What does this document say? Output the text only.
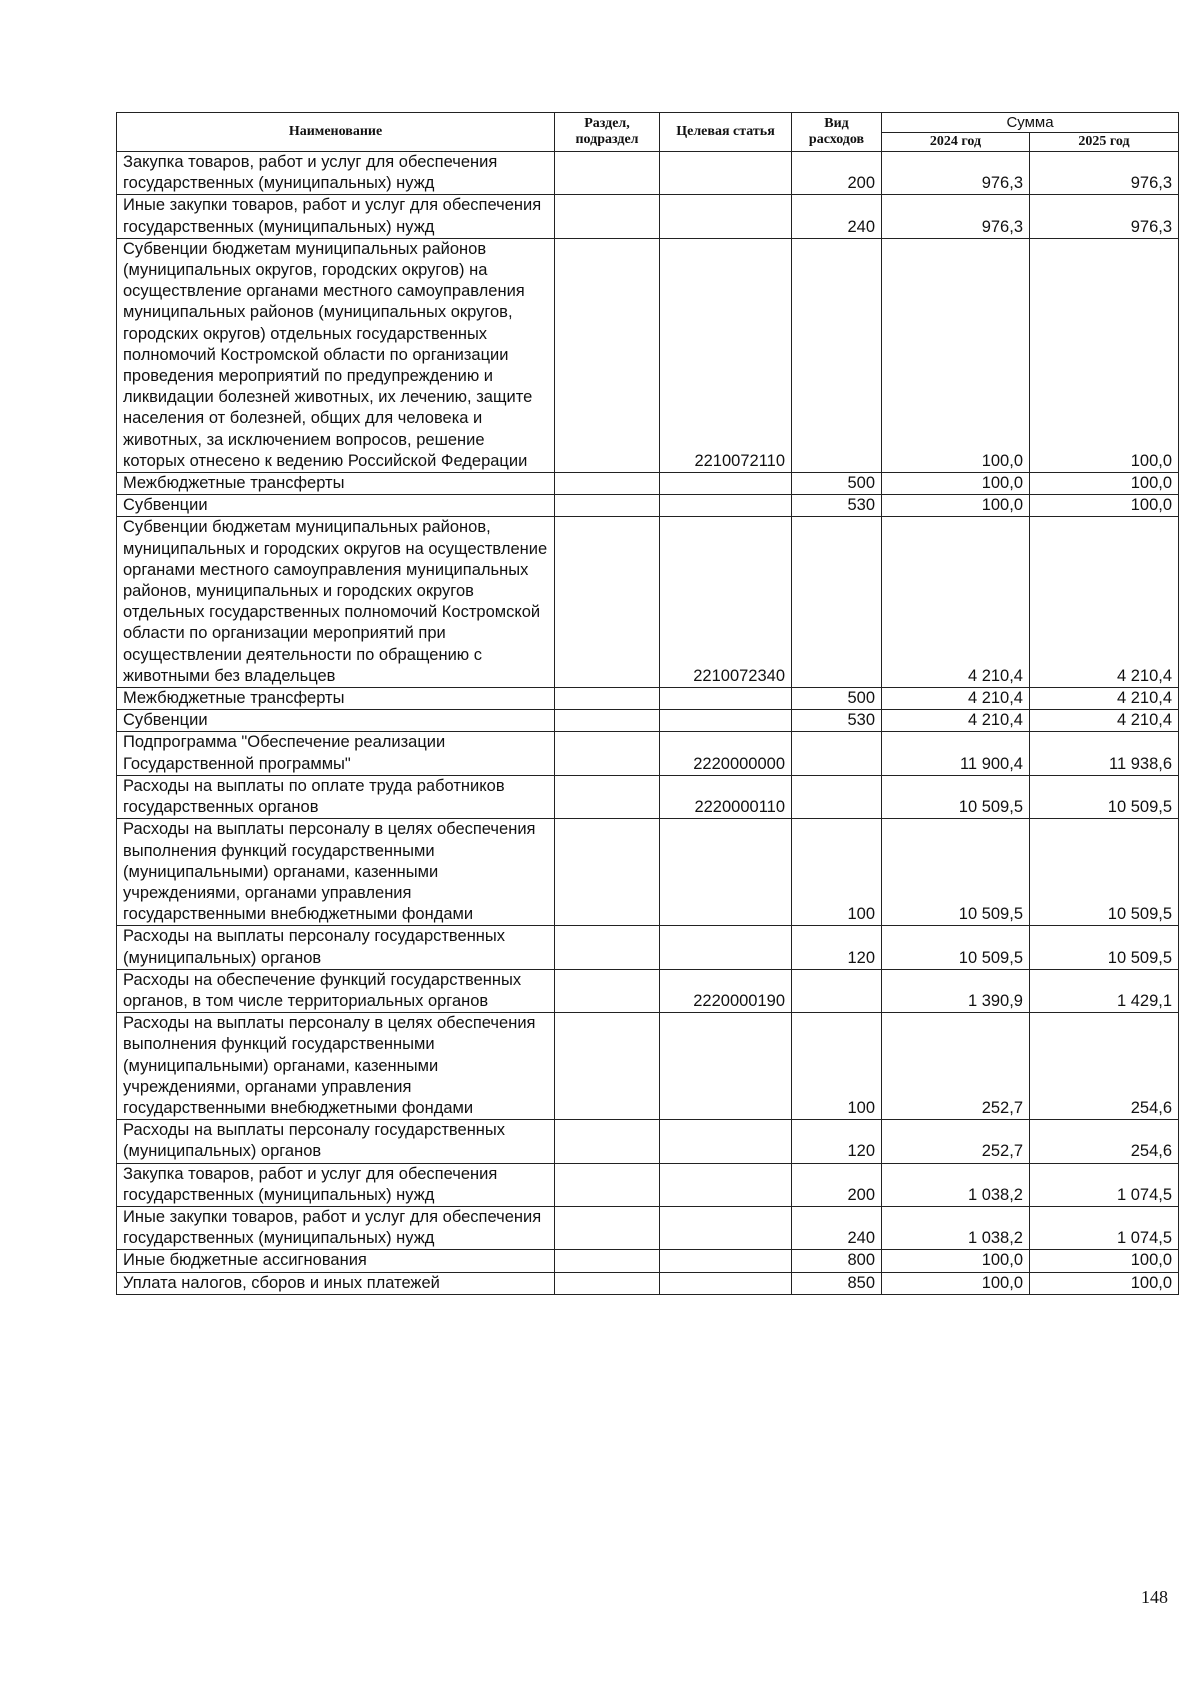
Наименование	Раздел, подраздел	Целевая статья	Вид расходов	Сумма	
				2024 год	2025 год
Закупка товаров, работ и услуг для обеспечения государственных (муниципальных) нужд			200	976,3	976,3
Иные закупки товаров, работ и услуг для обеспечения государственных (муниципальных) нужд			240	976,3	976,3
Субвенции бюджетам муниципальных районов (муниципальных округов, городских округов) на осуществление органами местного самоуправления муниципальных районов (муниципальных округов, городских округов) отдельных государственных полномочий Костромской области по организации проведения мероприятий по предупреждению и ликвидации болезней животных, их лечению, защите населения от болезней, общих для человека и животных, за исключением вопросов, решение которых отнесено к ведению Российской Федерации		2210072110		100,0	100,0
Межбюджетные трансферты			500	100,0	100,0
Субвенции			530	100,0	100,0
Субвенции бюджетам муниципальных районов, муниципальных и городских округов на осуществление органами местного самоуправления муниципальных районов, муниципальных и городских округов отдельных государственных полномочий Костромской области по организации мероприятий при осуществлении деятельности по обращению с животными без владельцев		2210072340		4 210,4	4 210,4
Межбюджетные трансферты			500	4 210,4	4 210,4
Субвенции			530	4 210,4	4 210,4
Подпрограмма "Обеспечение реализации Государственной программы"		2220000000		11 900,4	11 938,6
Расходы на выплаты по оплате труда работников государственных органов		2220000110		10 509,5	10 509,5
Расходы на выплаты персоналу в целях обеспечения выполнения функций государственными (муниципальными) органами, казенными учреждениями, органами управления государственными внебюджетными фондами			100	10 509,5	10 509,5
Расходы на выплаты персоналу государственных (муниципальных) органов			120	10 509,5	10 509,5
Расходы на обеспечение функций государственных органов, в том числе территориальных органов		2220000190		1 390,9	1 429,1
Расходы на выплаты персоналу в целях обеспечения выполнения функций государственными (муниципальными) органами, казенными учреждениями, органами управления государственными внебюджетными фондами			100	252,7	254,6
Расходы на выплаты персоналу государственных (муниципальных) органов			120	252,7	254,6
Закупка товаров, работ и услуг для обеспечения государственных (муниципальных) нужд			200	1 038,2	1 074,5
Иные закупки товаров, работ и услуг для обеспечения государственных (муниципальных) нужд			240	1 038,2	1 074,5
Иные бюджетные ассигнования			800	100,0	100,0
Уплата налогов, сборов и иных платежей			850	100,0	100,0
148
